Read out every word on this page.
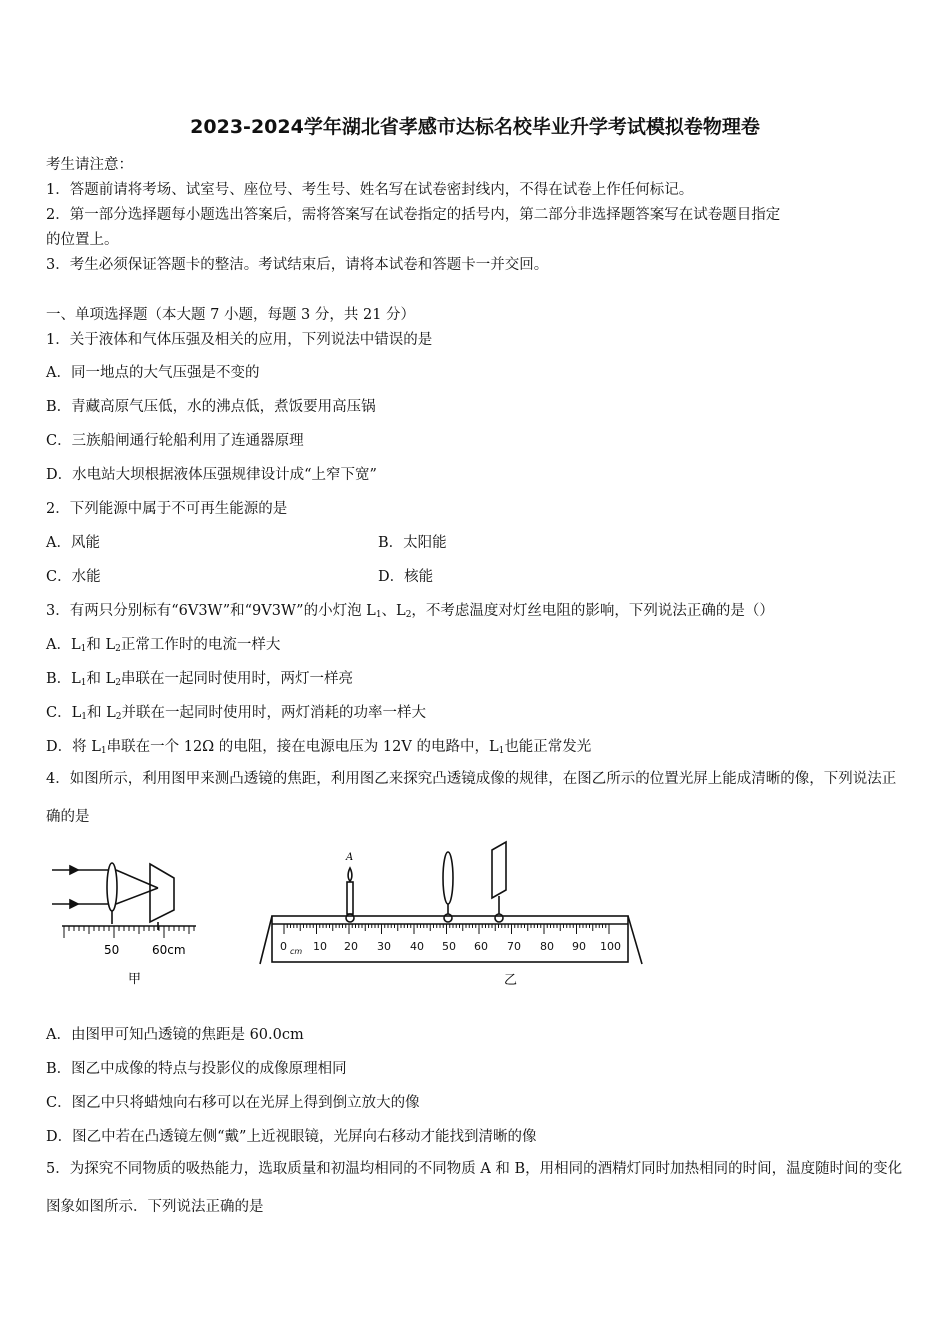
2023-2024学年湖北省孝感市达标名校毕业升学考试模拟卷物理卷
考生请注意：
1．答题前请将考场、试室号、座位号、考生号、姓名写在试卷密封线内，不得在试卷上作任何标记。
2．第一部分选择题每小题选出答案后，需将答案写在试卷指定的括号内，第二部分非选择题答案写在试卷题目指定
的位置上。
3．考生必须保证答题卡的整洁。考试结束后，请将本试卷和答题卡一并交回。
一、单项选择题（本大题 7 小题，每题 3 分，共 21 分）
1．关于液体和气体压强及相关的应用，下列说法中错误的是
A．同一地点的大气压强是不变的
B．青藏高原气压低，水的沸点低，煮饭要用高压锅
C．三族船闸通行轮船利用了连通器原理
D．水电站大坝根据液体压强规律设计成“上窄下宽”
2．下列能源中属于不可再生能源的是
A．风能	B．太阳能
C．水能	D．核能
3．有两只分别标有“6V3W”和“9V3W”的小灯泡 $L_1$、$L_2$，不考虑温度对灯丝电阻的影响，下列说法正确的是（）
A．$L_1$和 $L_2$正常工作时的电流一样大
B．$L_1$和 $L_2$串联在一起同时使用时，两灯一样亮
C．$L_1$和 $L_2$并联在一起同时使用时，两灯消耗的功率一样大
D．将 $L_1$串联在一个 12Ω 的电阻，接在电源电压为 12V 的电路中，$L_1$也能正常发光
4．如图所示，利用图甲来测凸透镜的焦距，利用图乙来探究凸透镜成像的规律，在图乙所示的位置光屏上能成清晰的像，下列说法正确的是
50	60cm
甲
A
0 cm 10 20 30 40 50 60 70 80 90 100
乙
A．由图甲可知凸透镜的焦距是 60.0cm
B．图乙中成像的特点与投影仪的成像原理相同
C．图乙中只将蜡烛向右移可以在光屏上得到倒立放大的像
D．图乙中若在凸透镜左侧“戴”上近视眼镜，光屏向右移动才能找到清晰的像
5．为探究不同物质的吸热能力，选取质量和初温均相同的不同物质 A 和 B，用相同的酒精灯同时加热相同的时间，温度随时间的变化图象如图所示．下列说法正确的是
